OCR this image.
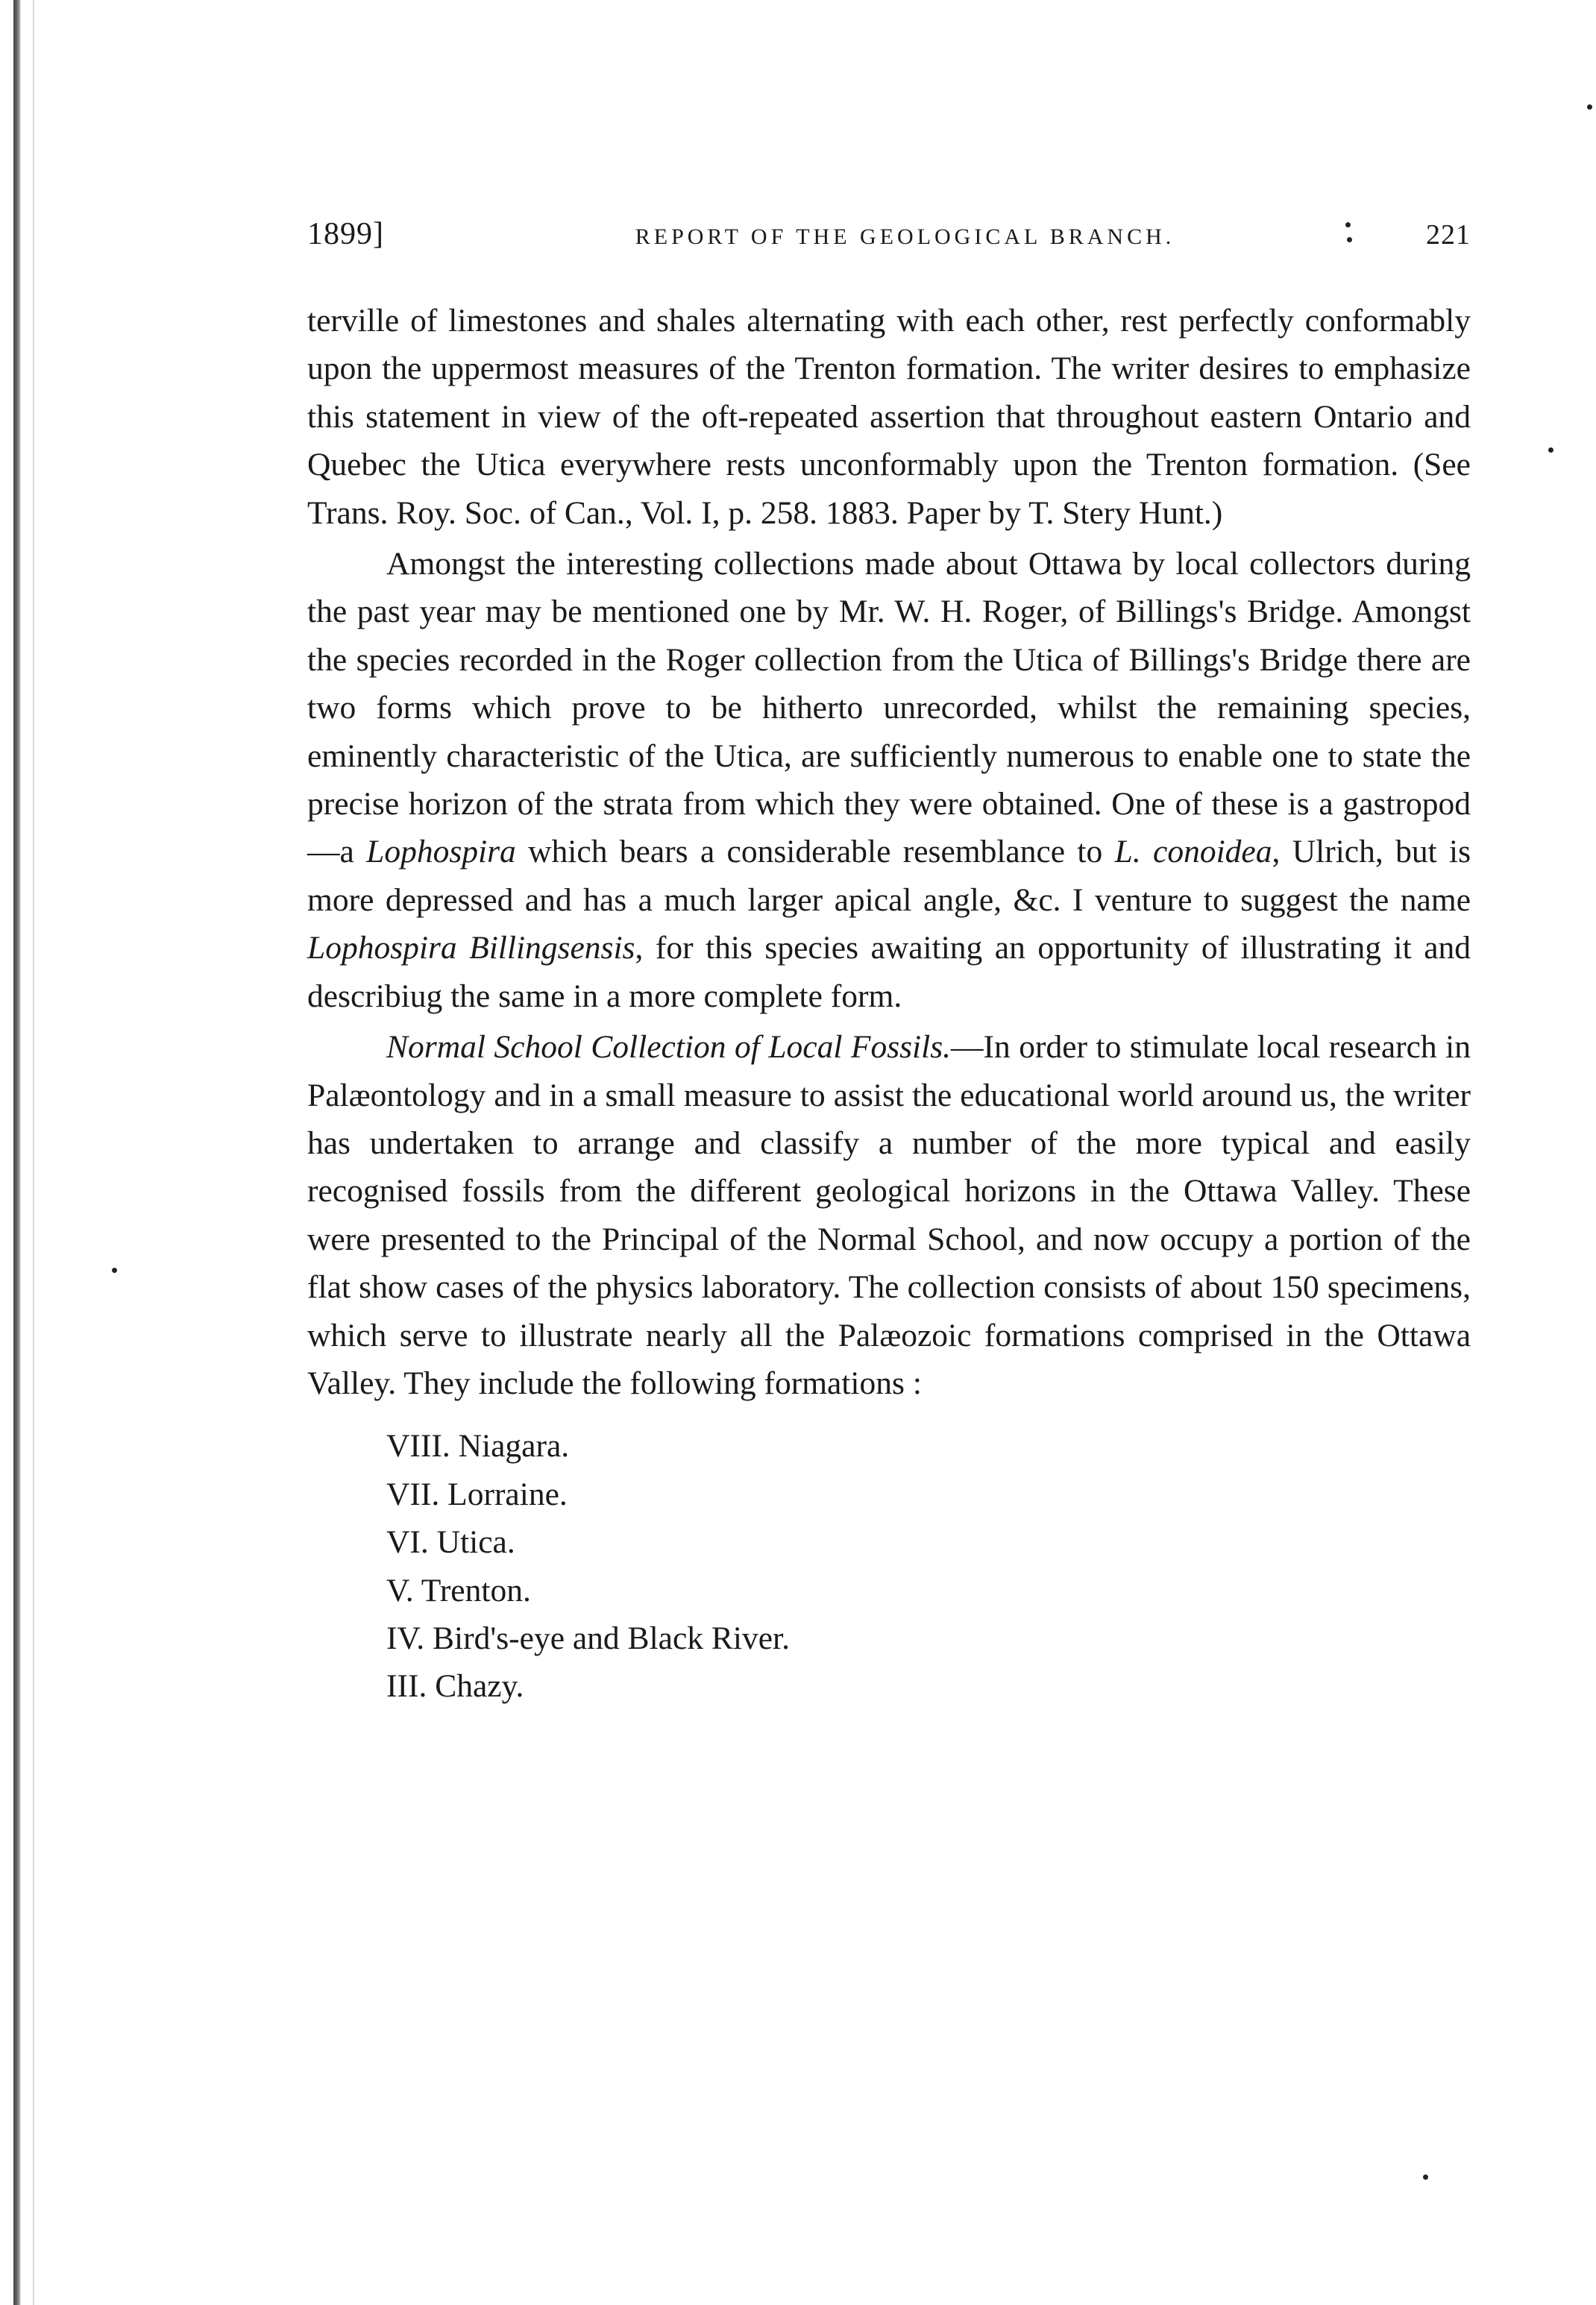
1899]	REPORT OF THE GEOLOGICAL BRANCH.	221

terville of limestones and shales alternating with each other, rest perfectly conformably upon the uppermost measures of the Trenton formation. The writer desires to emphasize this statement in view of the oft-repeated assertion that throughout eastern Ontario and Quebec the Utica everywhere rests unconformably upon the Trenton formation. (See Trans. Roy. Soc. of Can., Vol. I, p. 258. 1883. Paper by T. Stery Hunt.)

Amongst the interesting collections made about Ottawa by local collectors during the past year may be mentioned one by Mr. W. H. Roger, of Billings's Bridge. Amongst the species recorded in the Roger collection from the Utica of Billings's Bridge there are two forms which prove to be hitherto unrecorded, whilst the remaining species, eminently characteristic of the Utica, are sufficiently numerous to enable one to state the precise horizon of the strata from which they were obtained. One of these is a gastropod—a Lophospira which bears a considerable resemblance to L. conoidea, Ulrich, but is more depressed and has a much larger apical angle, &c. I venture to suggest the name Lophospira Billingsensis, for this species awaiting an opportunity of illustrating it and describiug the same in a more complete form.

Normal School Collection of Local Fossils.—In order to stimulate local research in Palæontology and in a small measure to assist the educational world around us, the writer has undertaken to arrange and classify a number of the more typical and easily recognised fossils from the different geological horizons in the Ottawa Valley. These were presented to the Principal of the Normal School, and now occupy a portion of the flat show cases of the physics laboratory. The collection consists of about 150 specimens, which serve to illustrate nearly all the Palæozoic formations comprised in the Ottawa Valley. They include the following formations :

VIII. Niagara.
VII. Lorraine.
VI. Utica.
V. Trenton.
IV. Bird's-eye and Black River.
III. Chazy.
